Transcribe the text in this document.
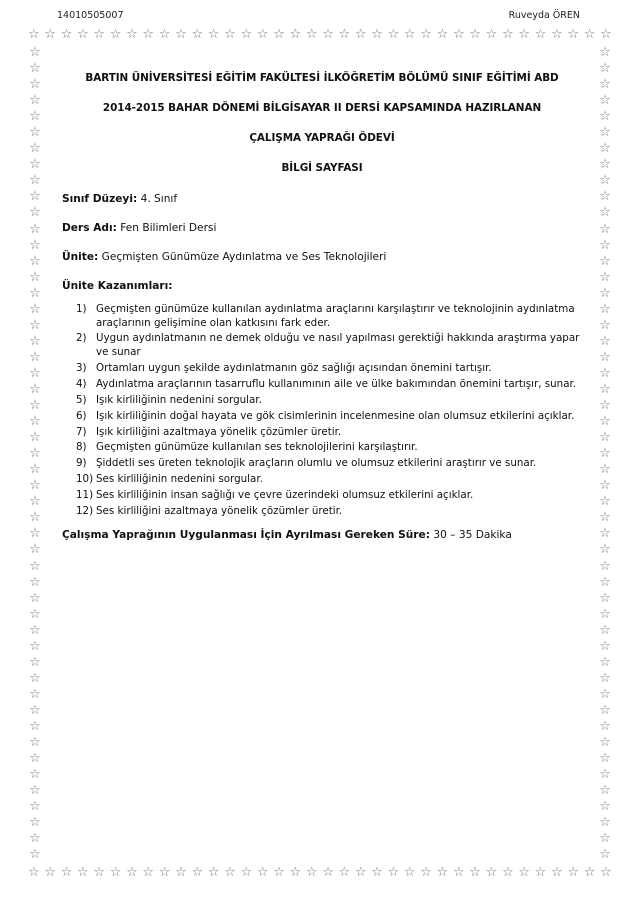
14010505007	Ruveyda ÖREN
☆ ☆ ☆ ☆ ☆ ☆ ☆ ☆ ☆ ☆ ☆ ☆ ☆ ☆ ☆ ☆ ☆ ☆ ☆ ☆ ☆ ☆ ☆ ☆ ☆ ☆ ☆ ☆ ☆ ☆ ☆ ☆ ☆ ☆ ☆ ☆
☆
☆
☆
☆
☆
☆
☆
☆
☆
☆
☆
☆
☆
☆
☆
☆
☆
☆
☆
☆
☆
☆
☆
☆
☆
☆
☆
☆
☆
☆
☆
☆
☆
☆
☆
☆
☆
☆
☆
☆
☆
☆
☆
☆
☆
☆
☆
☆
☆
☆
☆
☆
☆
☆
☆
☆
☆
☆
☆
☆
☆
☆
☆
☆
☆
☆
☆
☆
☆
☆
☆
☆
☆
☆
☆
☆
☆
☆
☆
☆
☆
☆
☆
☆
☆
☆
☆
☆
☆
☆
☆
☆
☆
☆
☆
☆
☆
☆
☆
☆
☆
☆
☆ ☆ ☆ ☆ ☆ ☆ ☆ ☆ ☆ ☆ ☆ ☆ ☆ ☆ ☆ ☆ ☆ ☆ ☆ ☆ ☆ ☆ ☆ ☆ ☆ ☆ ☆ ☆ ☆ ☆ ☆ ☆ ☆ ☆ ☆ ☆
BARTIN ÜNİVERSİTESİ EĞİTİM FAKÜLTESİ İLKÖĞRETİM BÖLÜMÜ SINIF EĞİTİMİ ABD
2014-2015 BAHAR DÖNEMİ BİLGİSAYAR II DERSİ KAPSAMINDA HAZIRLANAN
ÇALIŞMA YAPRAĞI ÖDEVİ
BİLGİ SAYFASI
Sınıf Düzeyi: 4. Sınıf
Ders Adı: Fen Bilimleri Dersi
Ünite: Geçmişten Günümüze Aydınlatma ve Ses Teknolojileri
Ünite Kazanımları:
1) Geçmişten günümüze kullanılan aydınlatma araçlarını karşılaştırır ve teknolojinin aydınlatma araçlarının gelişimine olan katkısını fark eder.
2) Uygun aydınlatmanın ne demek olduğu ve nasıl yapılması gerektiği hakkında araştırma yapar ve sunar
3) Ortamları uygun şekilde aydınlatmanın göz sağlığı açısından önemini tartışır.
4) Aydınlatma araçlarının tasarruflu kullanımının aile ve ülke bakımından önemini tartışır, sunar.
5) Işık kirliliğinin nedenini sorgular.
6) Işık kirliliğinin doğal hayata ve gök cisimlerinin incelenmesine olan olumsuz etkilerini açıklar.
7) Işık kirliliğini azaltmaya yönelik çözümler üretir.
8) Geçmişten günümüze kullanılan ses teknolojilerini karşılaştırır.
9) Şiddetli ses üreten teknolojik araçların olumlu ve olumsuz etkilerini araştırır ve sunar.
10) Ses kirliliğinin nedenini sorgular.
11) Ses kirliliğinin insan sağlığı ve çevre üzerindeki olumsuz etkilerini açıklar.
12) Ses kirliliğini azaltmaya yönelik çözümler üretir.
Çalışma Yaprağının Uygulanması İçin Ayrılması Gereken Süre: 30 – 35 Dakika
